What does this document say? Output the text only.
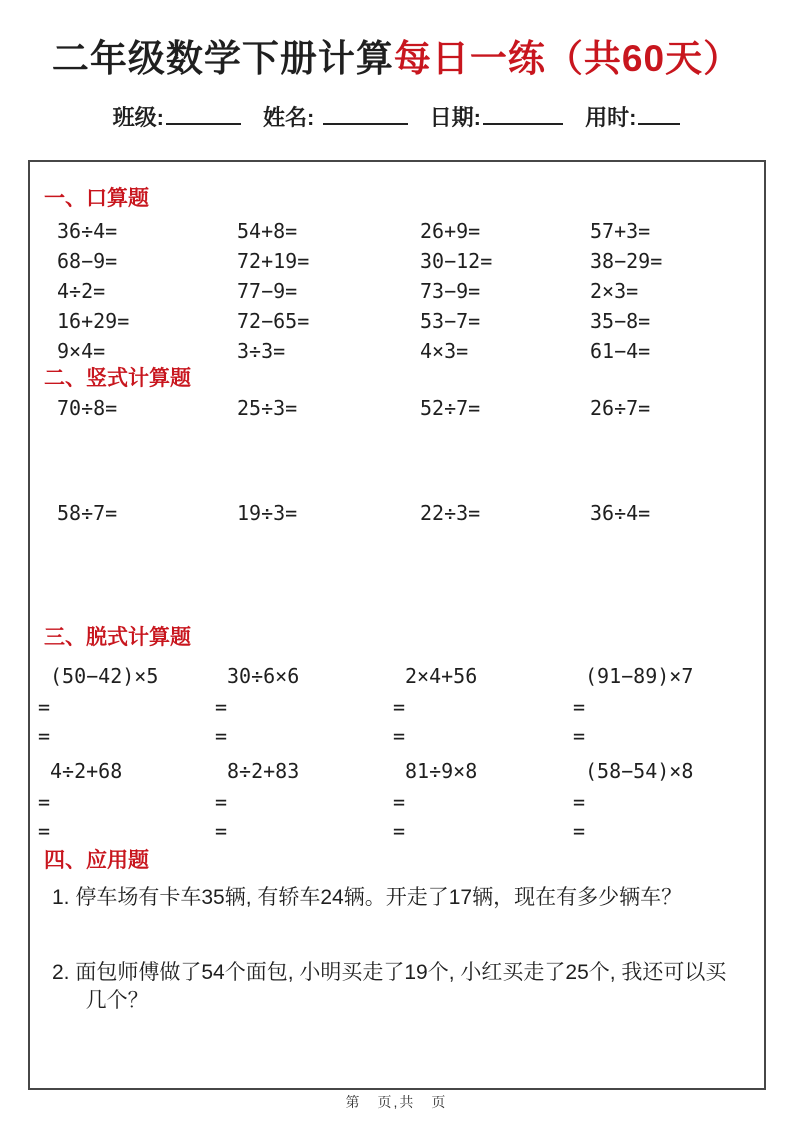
二年级数学下册计算每日一练（共60天）
班级:	姓名:	日期:	用时:
一、口算题
36÷4=	54+8=	26+9=	57+3=
68−9=	72+19=	30−12=	38−29=
4÷2=	77−9=	73−9=	2×3=
16+29=	72−65=	53−7=	35−8=
9×4=	3÷3=	4×3=	61−4=
二、竖式计算题
70÷8=	25÷3=	52÷7=	26÷7=
58÷7=	19÷3=	22÷3=	36÷4=
三、脱式计算题
(50−42)×5	30÷6×6	2×4+56	(91−89)×7
=	=	=	=
=	=	=	=
4÷2+68	8÷2+83	81÷9×8	(58−54)×8
=	=	=	=
=	=	=	=
四、应用题

1. 停车场有卡车35辆, 有轿车24辆。开走了17辆，现在有多少辆车？

2. 面包师傅做了54个面包, 小明买走了19个, 小红买走了25个, 我还可以买几个？

第　页,共　页
